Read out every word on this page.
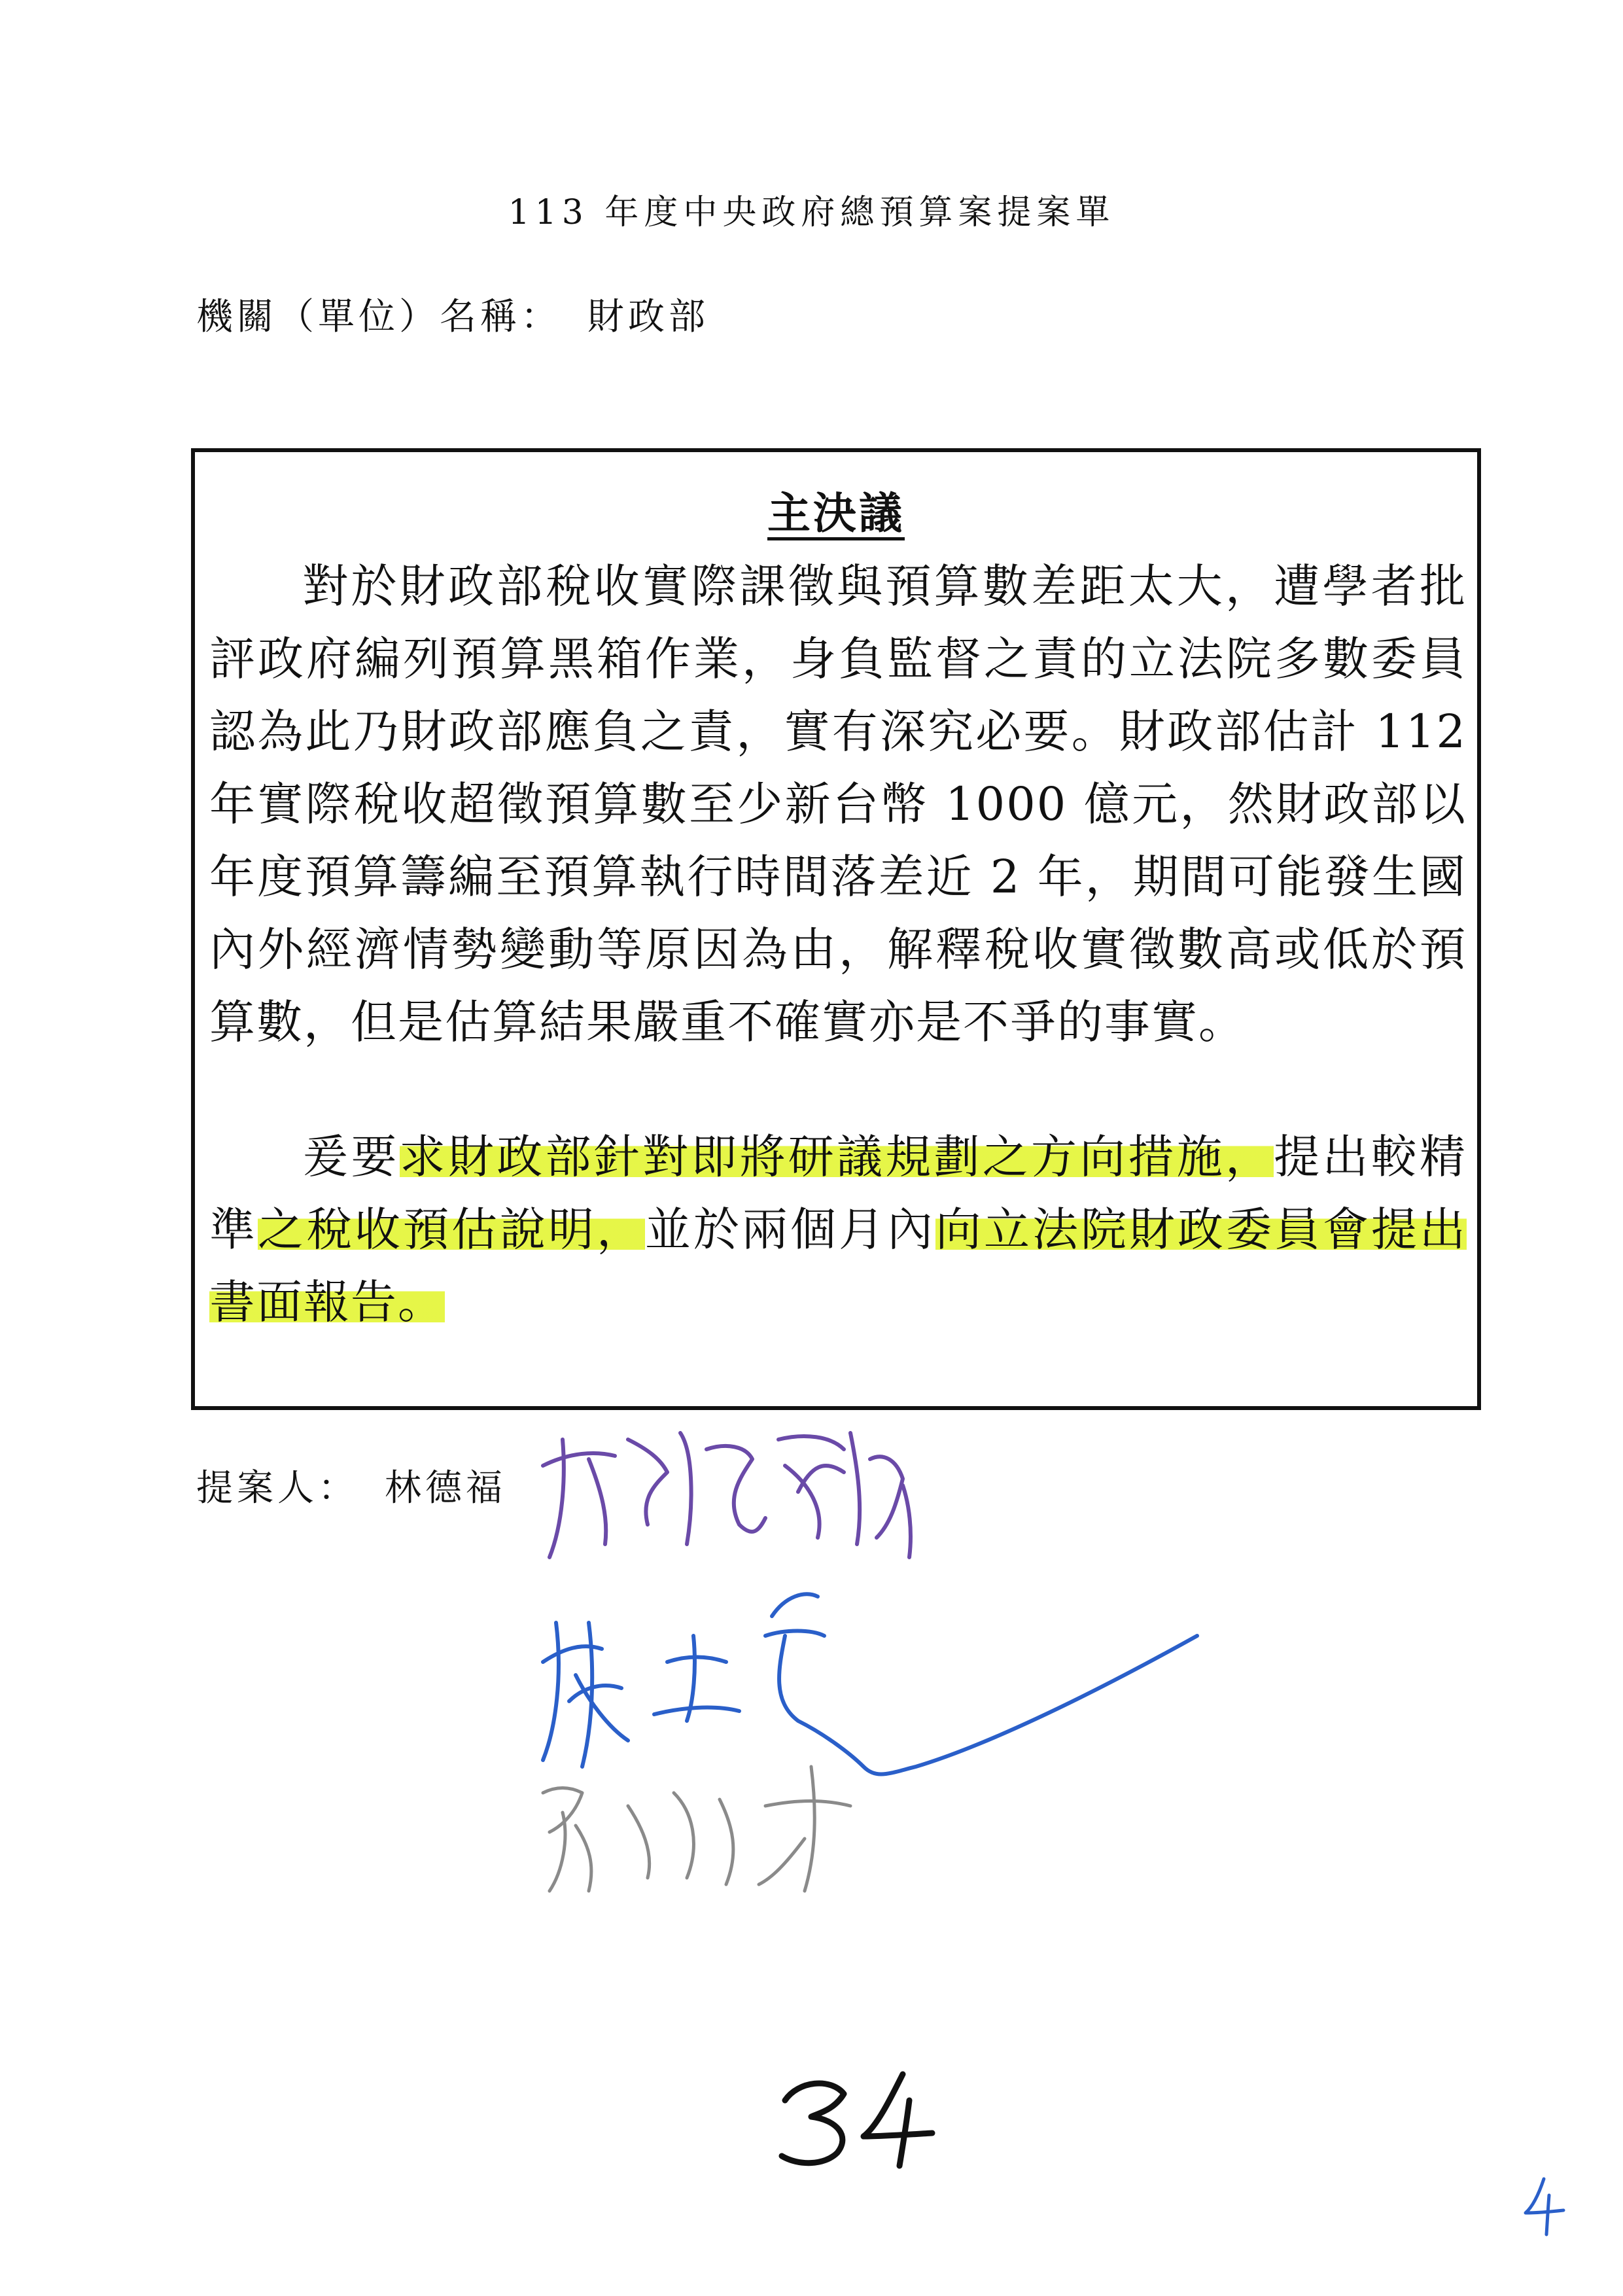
113 年度中央政府總預算案提案單
機關（單位）名稱： 財政部
主決議
對於財政部稅收實際課徵與預算數差距太大，遭學者批評政府編列預算黑箱作業，身負監督之責的立法院多數委員認為此乃財政部應負之責，實有深究必要。財政部估計 112 年實際稅收超徵預算數至少新台幣 1000 億元，然財政部以年度預算籌編至預算執行時間落差近 2 年，期間可能發生國內外經濟情勢變動等原因為由，解釋稅收實徵數高或低於預算數，但是估算結果嚴重不確實亦是不爭的事實。
爰要求財政部針對即將研議規劃之方向措施，提出較精準之稅收預估說明，並於兩個月內向立法院財政委員會提出書面報告。
提案人： 林德福
